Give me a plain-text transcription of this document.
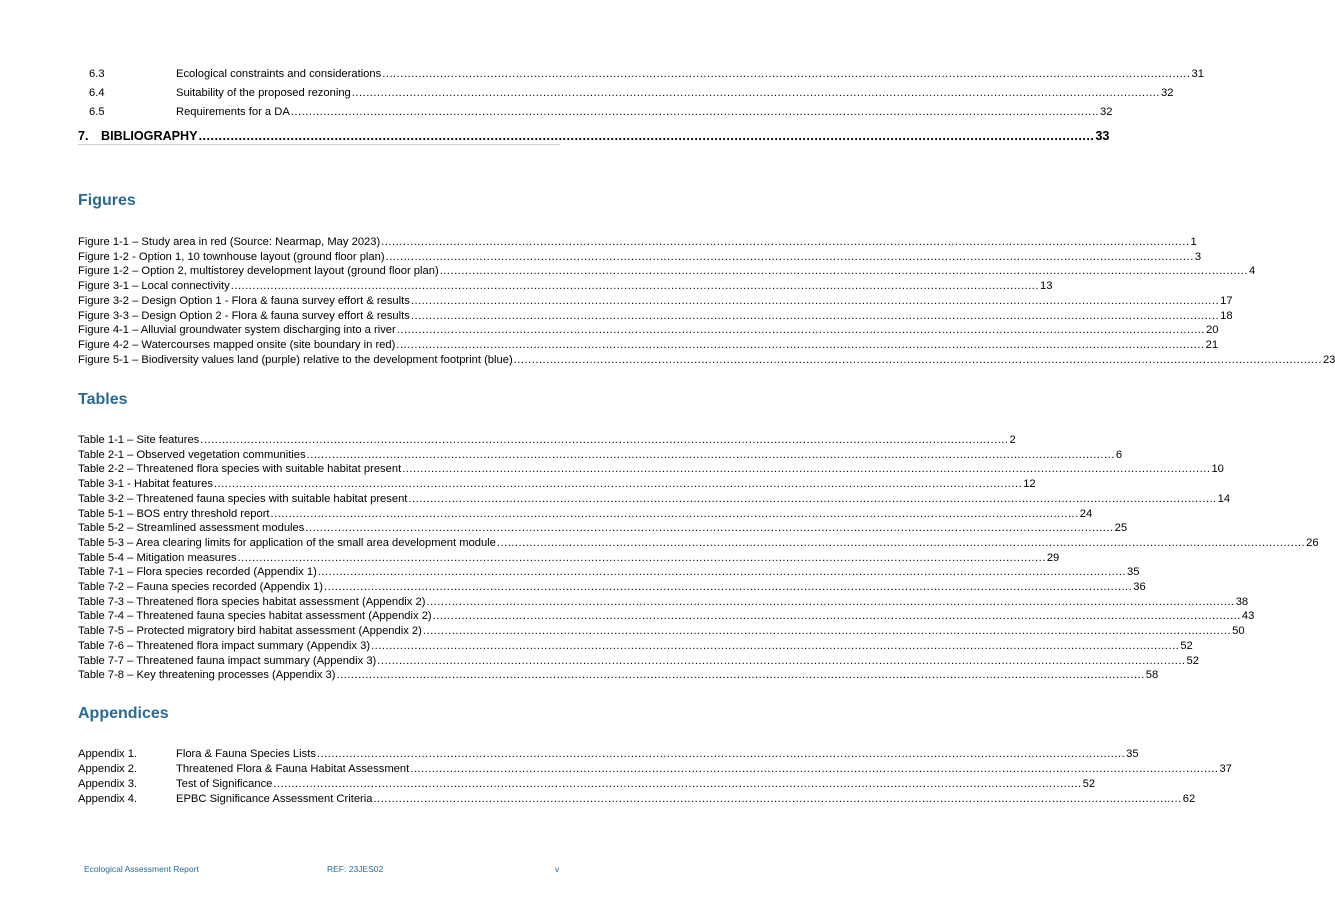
6.3	Ecological constraints and considerations .....	31
6.4	Suitability of the proposed rezoning .....	32
6.5	Requirements for a DA .....	32
7. BIBLIOGRAPHY .....	33
Figures
Figure 1-1 – Study area in red (Source: Nearmap, May 2023) .....	1
Figure 1-2 - Option 1, 10 townhouse layout (ground floor plan) .....	3
Figure 1-2 – Option 2, multistorey development layout (ground floor plan) .....	4
Figure 3-1 – Local connectivity .....	13
Figure 3-2 – Design Option 1 - Flora & fauna survey effort & results .....	17
Figure 3-3 – Design Option 2 - Flora & fauna survey effort & results .....	18
Figure 4-1 – Alluvial groundwater system discharging into a river .....	20
Figure 4-2 – Watercourses mapped onsite (site boundary in red) .....	21
Figure 5-1 – Biodiversity values land (purple) relative to the development footprint (blue) .....	23
Tables
Table 1-1 – Site features .....	2
Table 2-1 – Observed vegetation communities .....	6
Table 2-2 – Threatened flora species with suitable habitat present .....	10
Table 3-1 - Habitat features .....	12
Table 3-2 – Threatened fauna species with suitable habitat present .....	14
Table 5-1 – BOS entry threshold report .....	24
Table 5-2 – Streamlined assessment modules .....	25
Table 5-3 – Area clearing limits for application of the small area development module .....	26
Table 5-4 – Mitigation measures .....	29
Table 7-1 – Flora species recorded (Appendix 1) .....	35
Table 7-2 – Fauna species recorded (Appendix 1) .....	36
Table 7-3 – Threatened flora species habitat assessment (Appendix 2) .....	38
Table 7-4 – Threatened fauna species habitat assessment (Appendix 2) .....	43
Table 7-5 – Protected migratory bird habitat assessment (Appendix 2) .....	50
Table 7-6 – Threatened flora impact summary (Appendix 3) .....	52
Table 7-7 – Threatened fauna impact summary (Appendix 3) .....	52
Table 7-8 – Key threatening processes (Appendix 3) .....	58
Appendices
Appendix 1.	Flora & Fauna Species Lists .....	35
Appendix 2.	Threatened Flora & Fauna Habitat Assessment .....	37
Appendix 3.	Test of Significance .....	52
Appendix 4.	EPBC Significance Assessment Criteria .....	62
Ecological Assessment Report	REF: 23JES02	v
